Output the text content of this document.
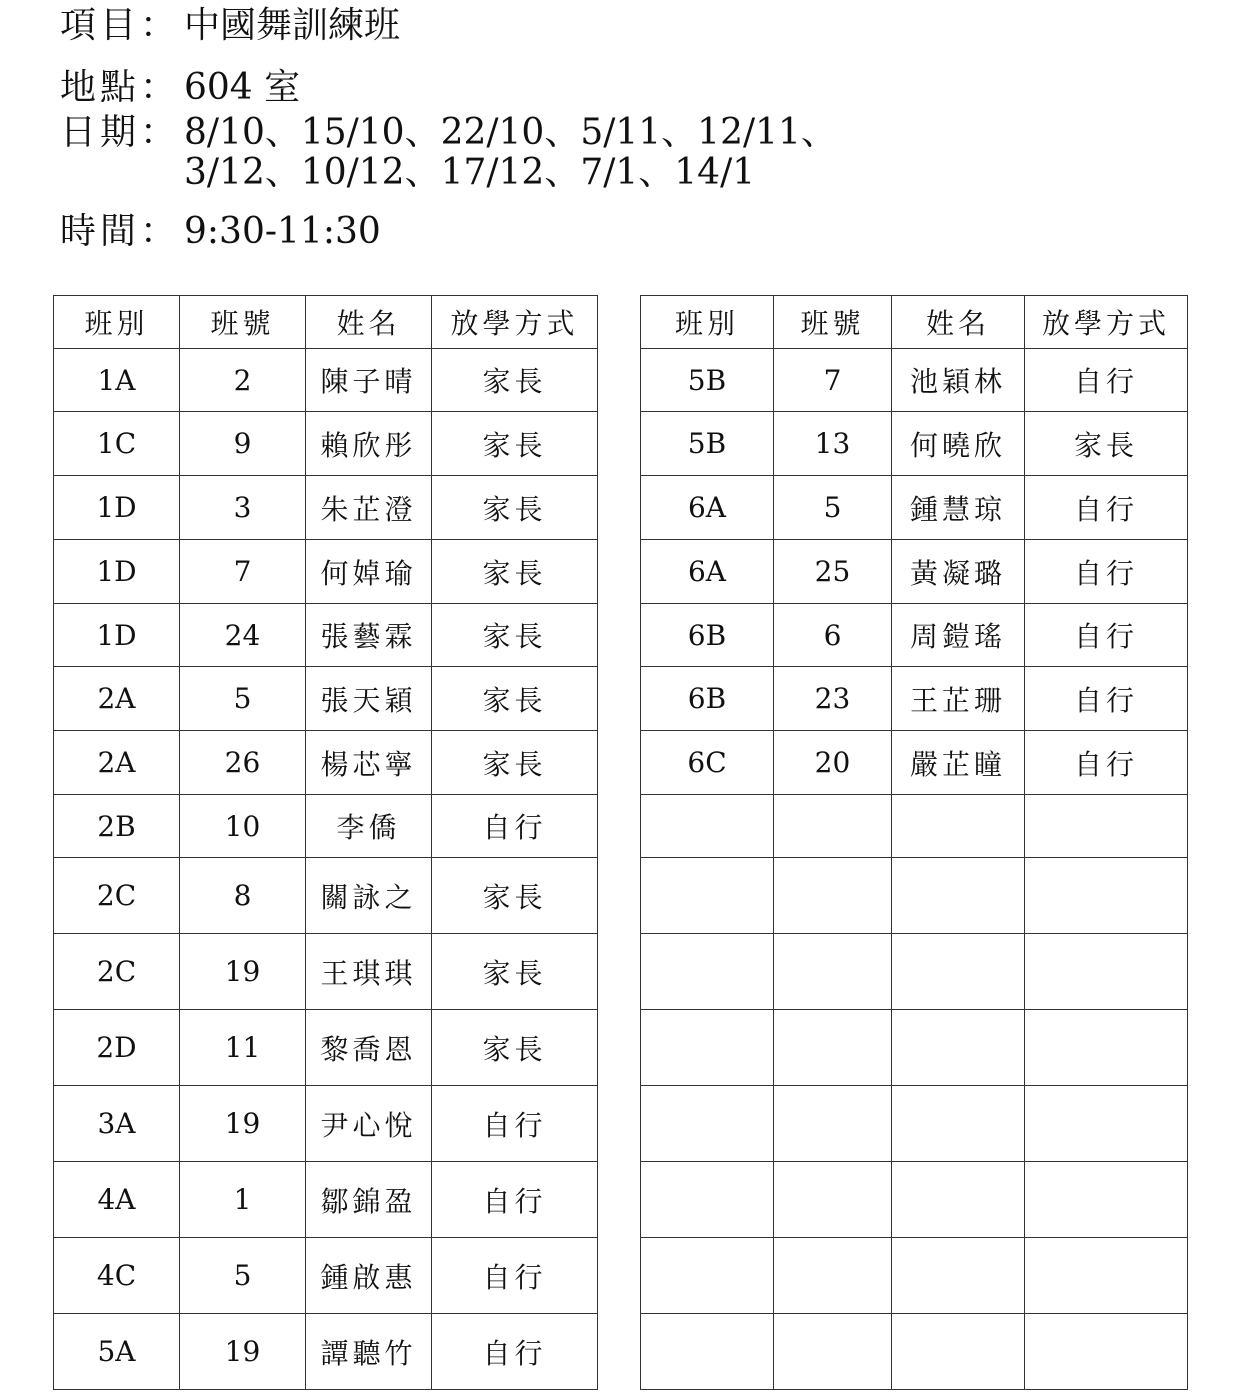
項目： 中國舞訓練班
地點： 604 室
日期： 8/10、15/10、22/10、5/11、12/11、
3/12、10/12、17/12、7/1、14/1
時間： 9:30-11:30
班別	班號	姓名	放學方式
1A	2	陳子晴	家長
1C	9	賴欣彤	家長
1D	3	朱芷澄	家長
1D	7	何婥瑜	家長
1D	24	張藝霖	家長
2A	5	張天穎	家長
2A	26	楊芯寧	家長
2B	10	李僑	自行
2C	8	關詠之	家長
2C	19	王琪琪	家長
2D	11	黎喬恩	家長
3A	19	尹心悅	自行
4A	1	鄒錦盈	自行
4C	5	鍾啟惠	自行
5A	19	譚聽竹	自行
班別	班號	姓名	放學方式
5B	7	池穎林	自行
5B	13	何曉欣	家長
6A	5	鍾慧琼	自行
6A	25	黃凝璐	自行
6B	6	周鎧瑤	自行
6B	23	王芷珊	自行
6C	20	嚴芷瞳	自行
